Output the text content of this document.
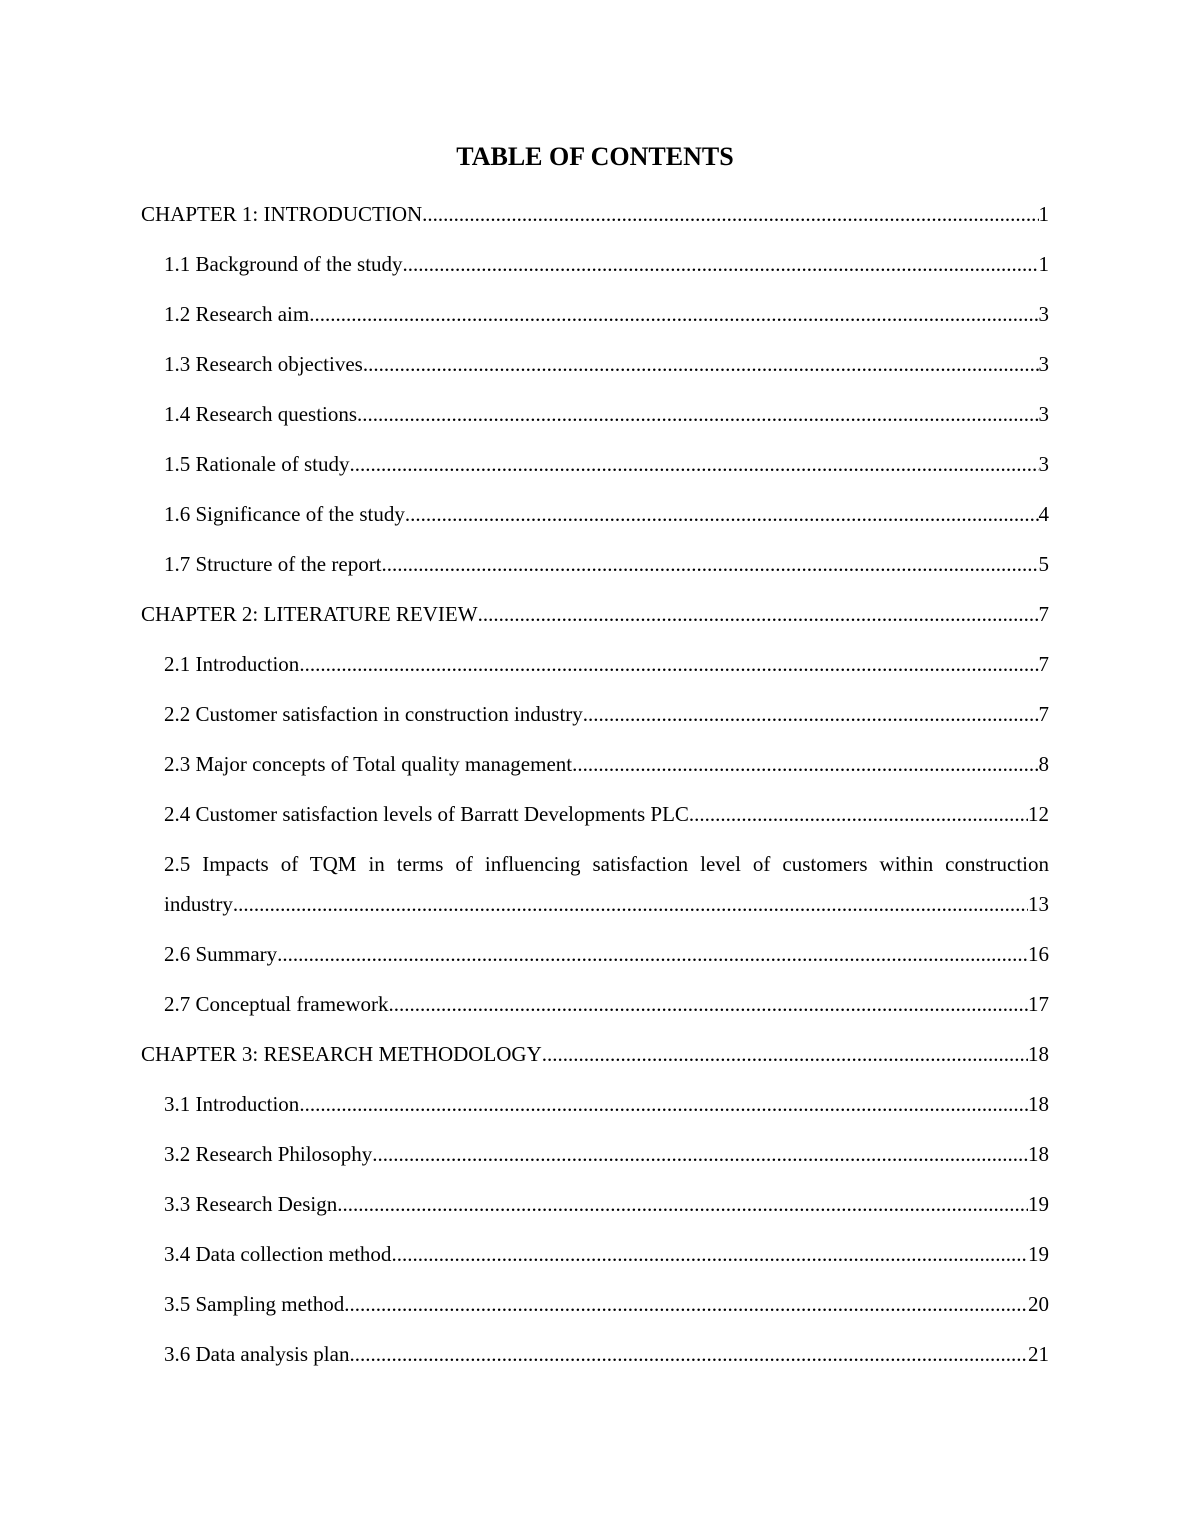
TABLE OF CONTENTS
CHAPTER 1: INTRODUCTION .....	1
1.1 Background of the study .....	1
1.2 Research aim .....	3
1.3 Research objectives .....	3
1.4 Research questions .....	3
1.5 Rationale of study .....	3
1.6 Significance of the study .....	4
1.7 Structure of the report .....	5
CHAPTER 2: LITERATURE REVIEW .....	7
2.1 Introduction .....	7
2.2 Customer satisfaction in construction industry .....	7
2.3 Major concepts of Total quality management .....	8
2.4 Customer satisfaction levels of Barratt Developments PLC .....	12
2.5 Impacts of TQM in terms of influencing satisfaction level of customers within construction
industry .....	13
2.6 Summary .....	16
2.7 Conceptual framework .....	17
CHAPTER 3: RESEARCH METHODOLOGY .....	18
3.1 Introduction .....	18
3.2 Research Philosophy .....	18
3.3 Research Design .....	19
3.4 Data collection method .....	19
3.5 Sampling method .....	20
3.6 Data analysis plan .....	21
